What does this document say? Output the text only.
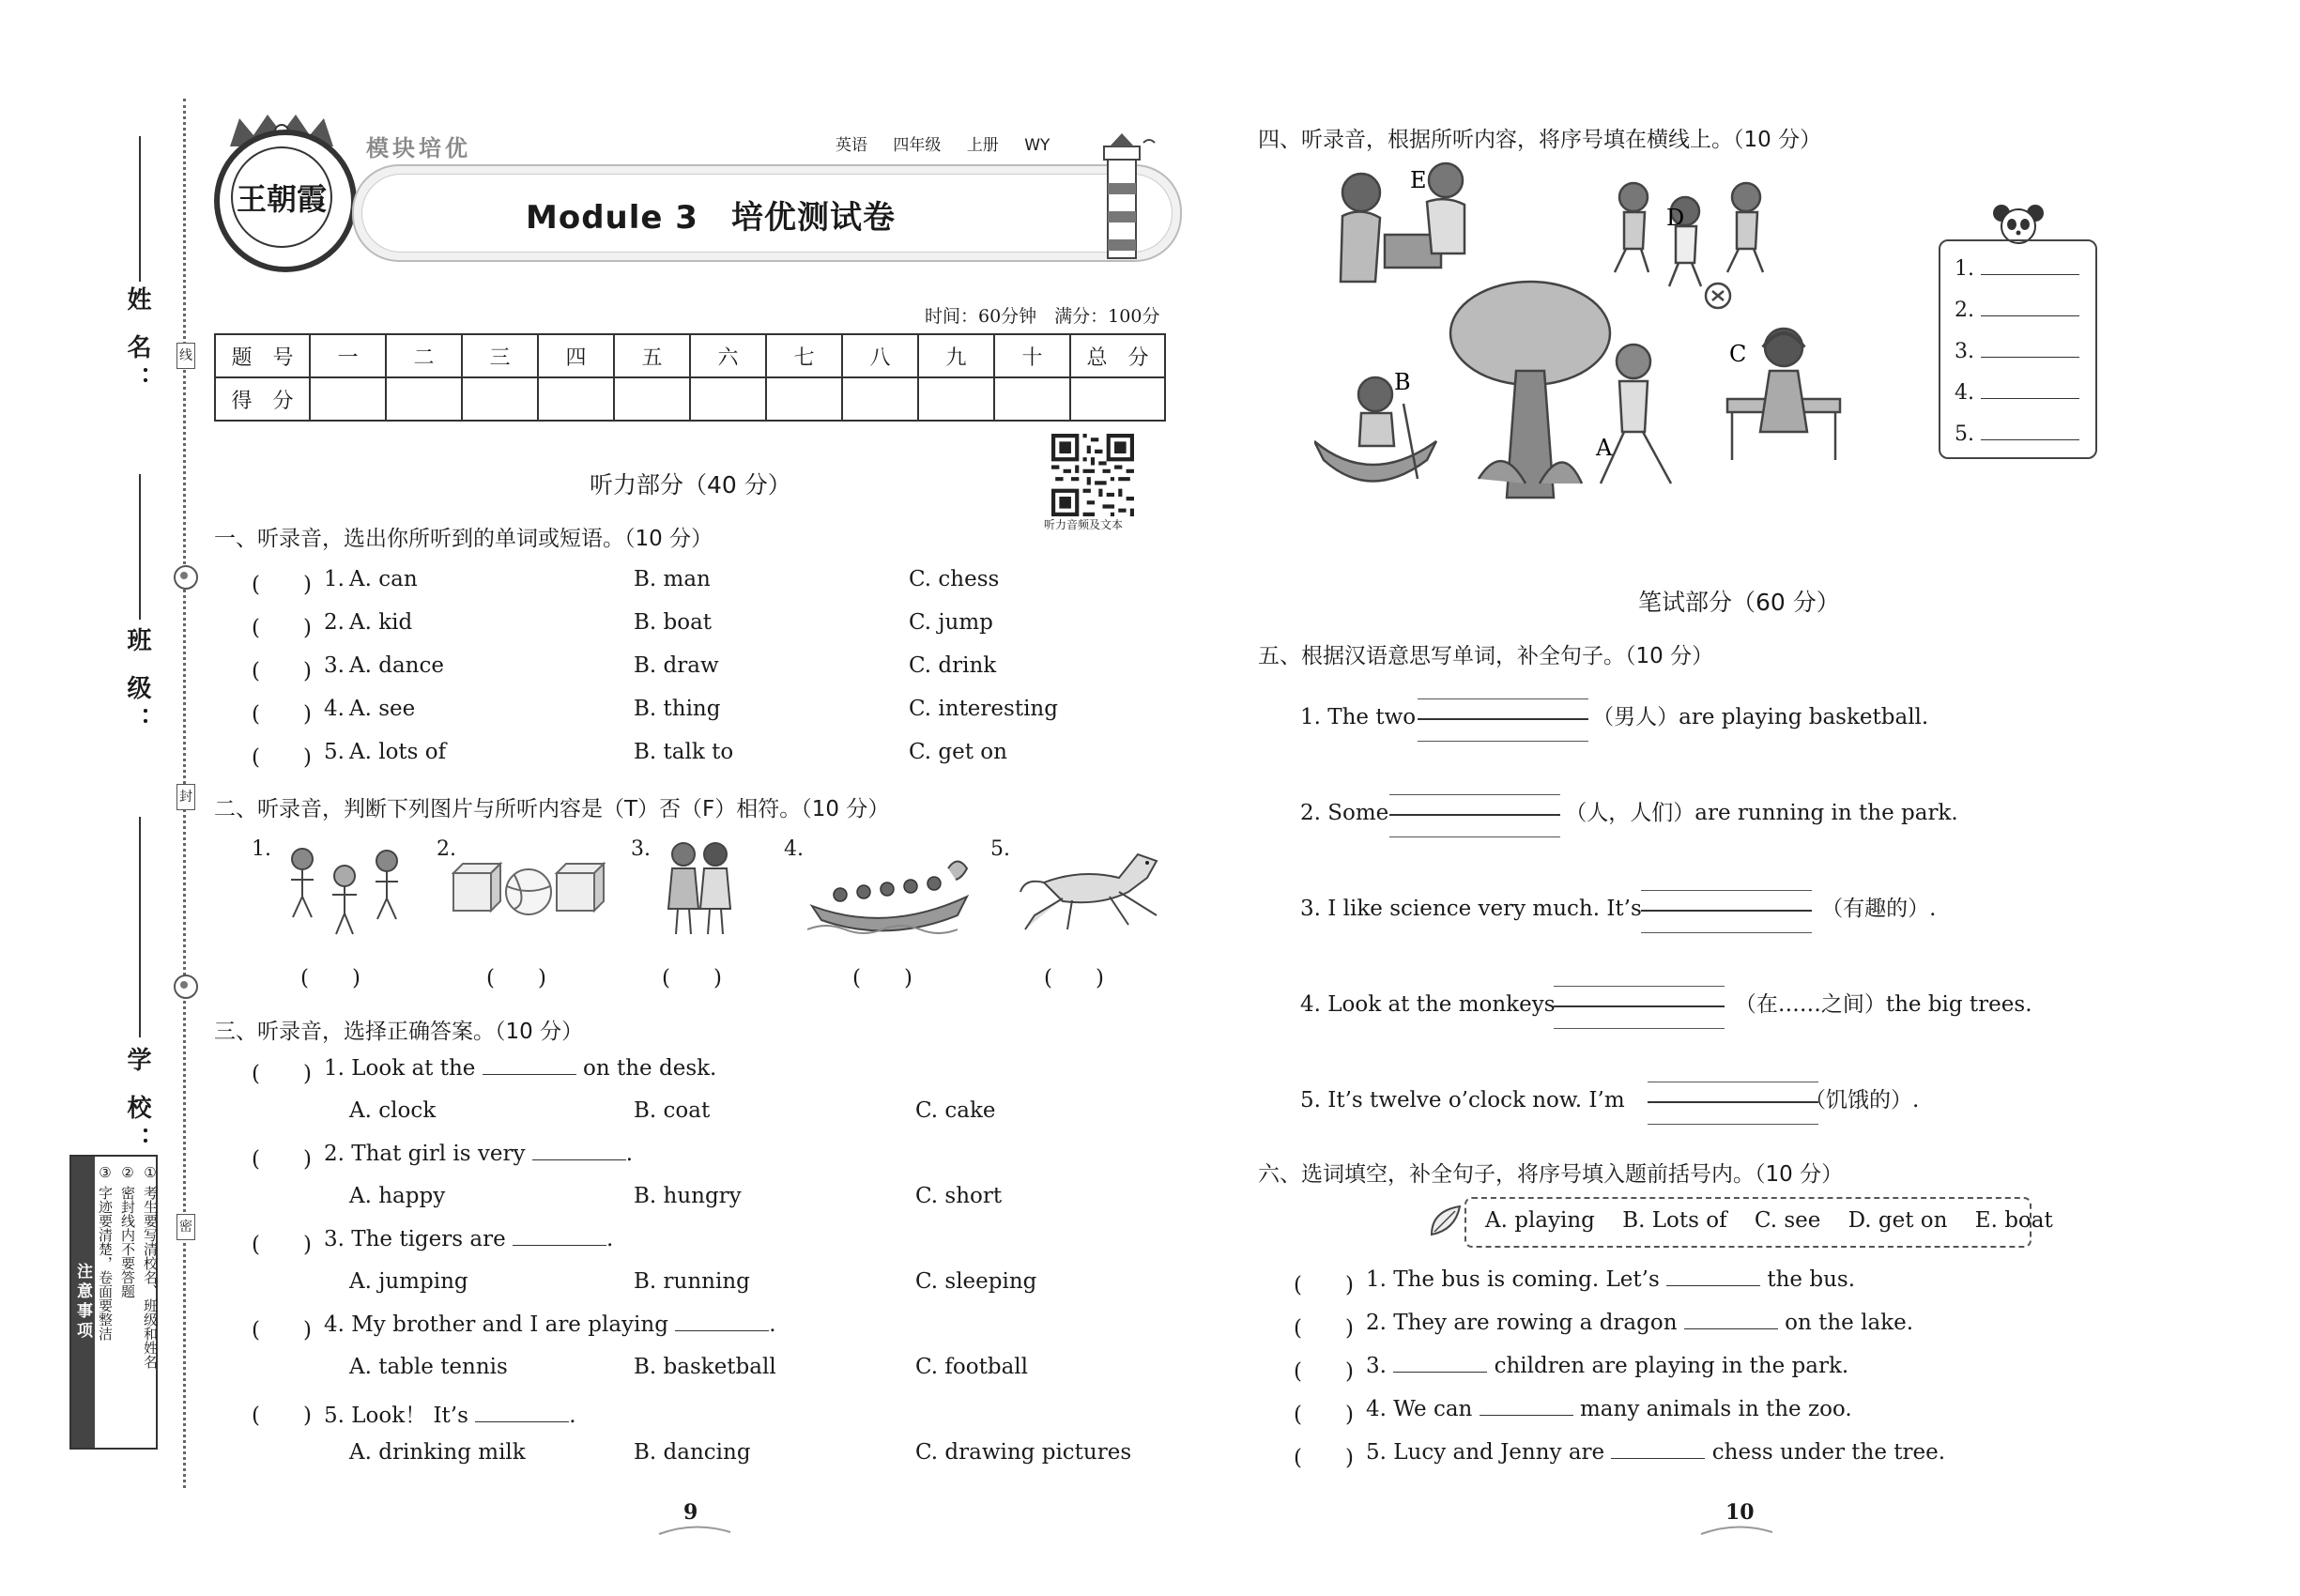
线
封
密
姓 名：
班 级：
学 校：
注意事项	① 考生要写清校名、班级和姓名
② 密封线内不要答题
③ 字迹要清楚，卷面要整洁
王朝霞
模块培优	英语 四年级 上册 WY
Module 3　培优测试卷
时间：60分钟　满分：100分
题　号	一	二	三	四	五	六	七	八	九	十	总　分
得　分											
听力音频及文本
听力部分（40 分）
一、听录音，选出你所听到的单词或短语。（10 分）
(　　) 1. A. can	B. man	C. chess
(　　) 2. A. kid	B. boat	C. jump
(　　) 3. A. dance	B. draw	C. drink
(　　) 4. A. see	B. thing	C. interesting
(　　) 5. A. lots of	B. talk to	C. get on
二、听录音，判断下列图片与所听内容是（T）否（F）相符。（10 分）
1.
(　　)
2.
(　　)
3.
(　　)
4.
(　　)
5.
(　　)
三、听录音，选择正确答案。（10 分）
(　　) 1. Look at the	on the desk.
A. clock	B. coat	C. cake
(　　) 2. That girl is very	.
A. happy	B. hungry	C. short
(　　) 3. The tigers are	.
A. jumping	B. running	C. sleeping
(　　) 4. My brother and I are playing	.
A. table tennis	B. basketball	C. football
(　　) 5. Look！ It’s	.
A. drinking milk	B. dancing	C. drawing pictures
9
四、听录音，根据所听内容，将序号填在横线上。（10 分）
E
D
C
B
A
1.
2.
3.
4.
5.
笔试部分（60 分）
五、根据汉语意思写单词，补全句子。（10 分）
1. The two	（男人）are playing basketball.
2. Some	（人，人们）are running in the park.
3. I like science very much. It’s	（有趣的）.
4. Look at the monkeys	（在……之间）the big trees.
5. It’s twelve o’clock now. I’m	（饥饿的）.
六、选词填空，补全句子，将序号填入题前括号内。（10 分）
A. playing B. Lots of C. see D. get on E. boat
(　　) 1. The bus is coming. Let’s	the bus.
(　　) 2. They are rowing a dragon	on the lake.
(　　) 3.	children are playing in the park.
(　　) 4. We can	many animals in the zoo.
(　　) 5. Lucy and Jenny are	chess under the tree.
10
